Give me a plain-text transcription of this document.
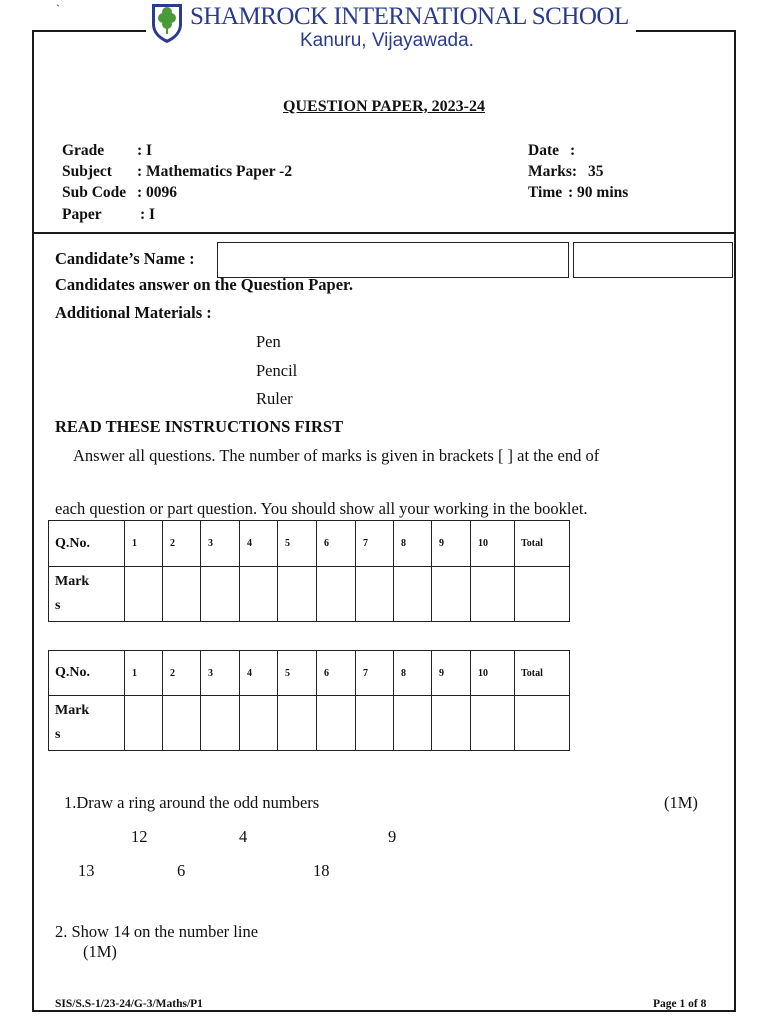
`	SHAMROCK INTERNATIONAL SCHOOL
Kanuru, Vijayawada.
QUESTION PAPER, 2023-24
Grade : I
Subject : Mathematics Paper -2
Sub Code : 0096
Paper : I
Date :
Marks: 35
Time : 90 mins
Candidate’s Name :
Candidates answer on the Question Paper.
Additional Materials :
Pen
Pencil
Ruler
READ THESE INSTRUCTIONS FIRST
Answer all questions. The number of marks is given in brackets [ ] at the end of
each question or part question. You should show all your working in the booklet.
Q.No.	1	2	3	4	5	6	7	8	9	10	Total

Mark
s											

Q.No.	1	2	3	4	5	6	7	8	9	10	Total

Mark
s											

1.Draw a ring around the odd numbers	(1M)
12	4	9
13	6	18
2. Show 14 on the number line
(1M)
SIS/S.S-1/23-24/G-3/Maths/P1	Page 1 of 8
